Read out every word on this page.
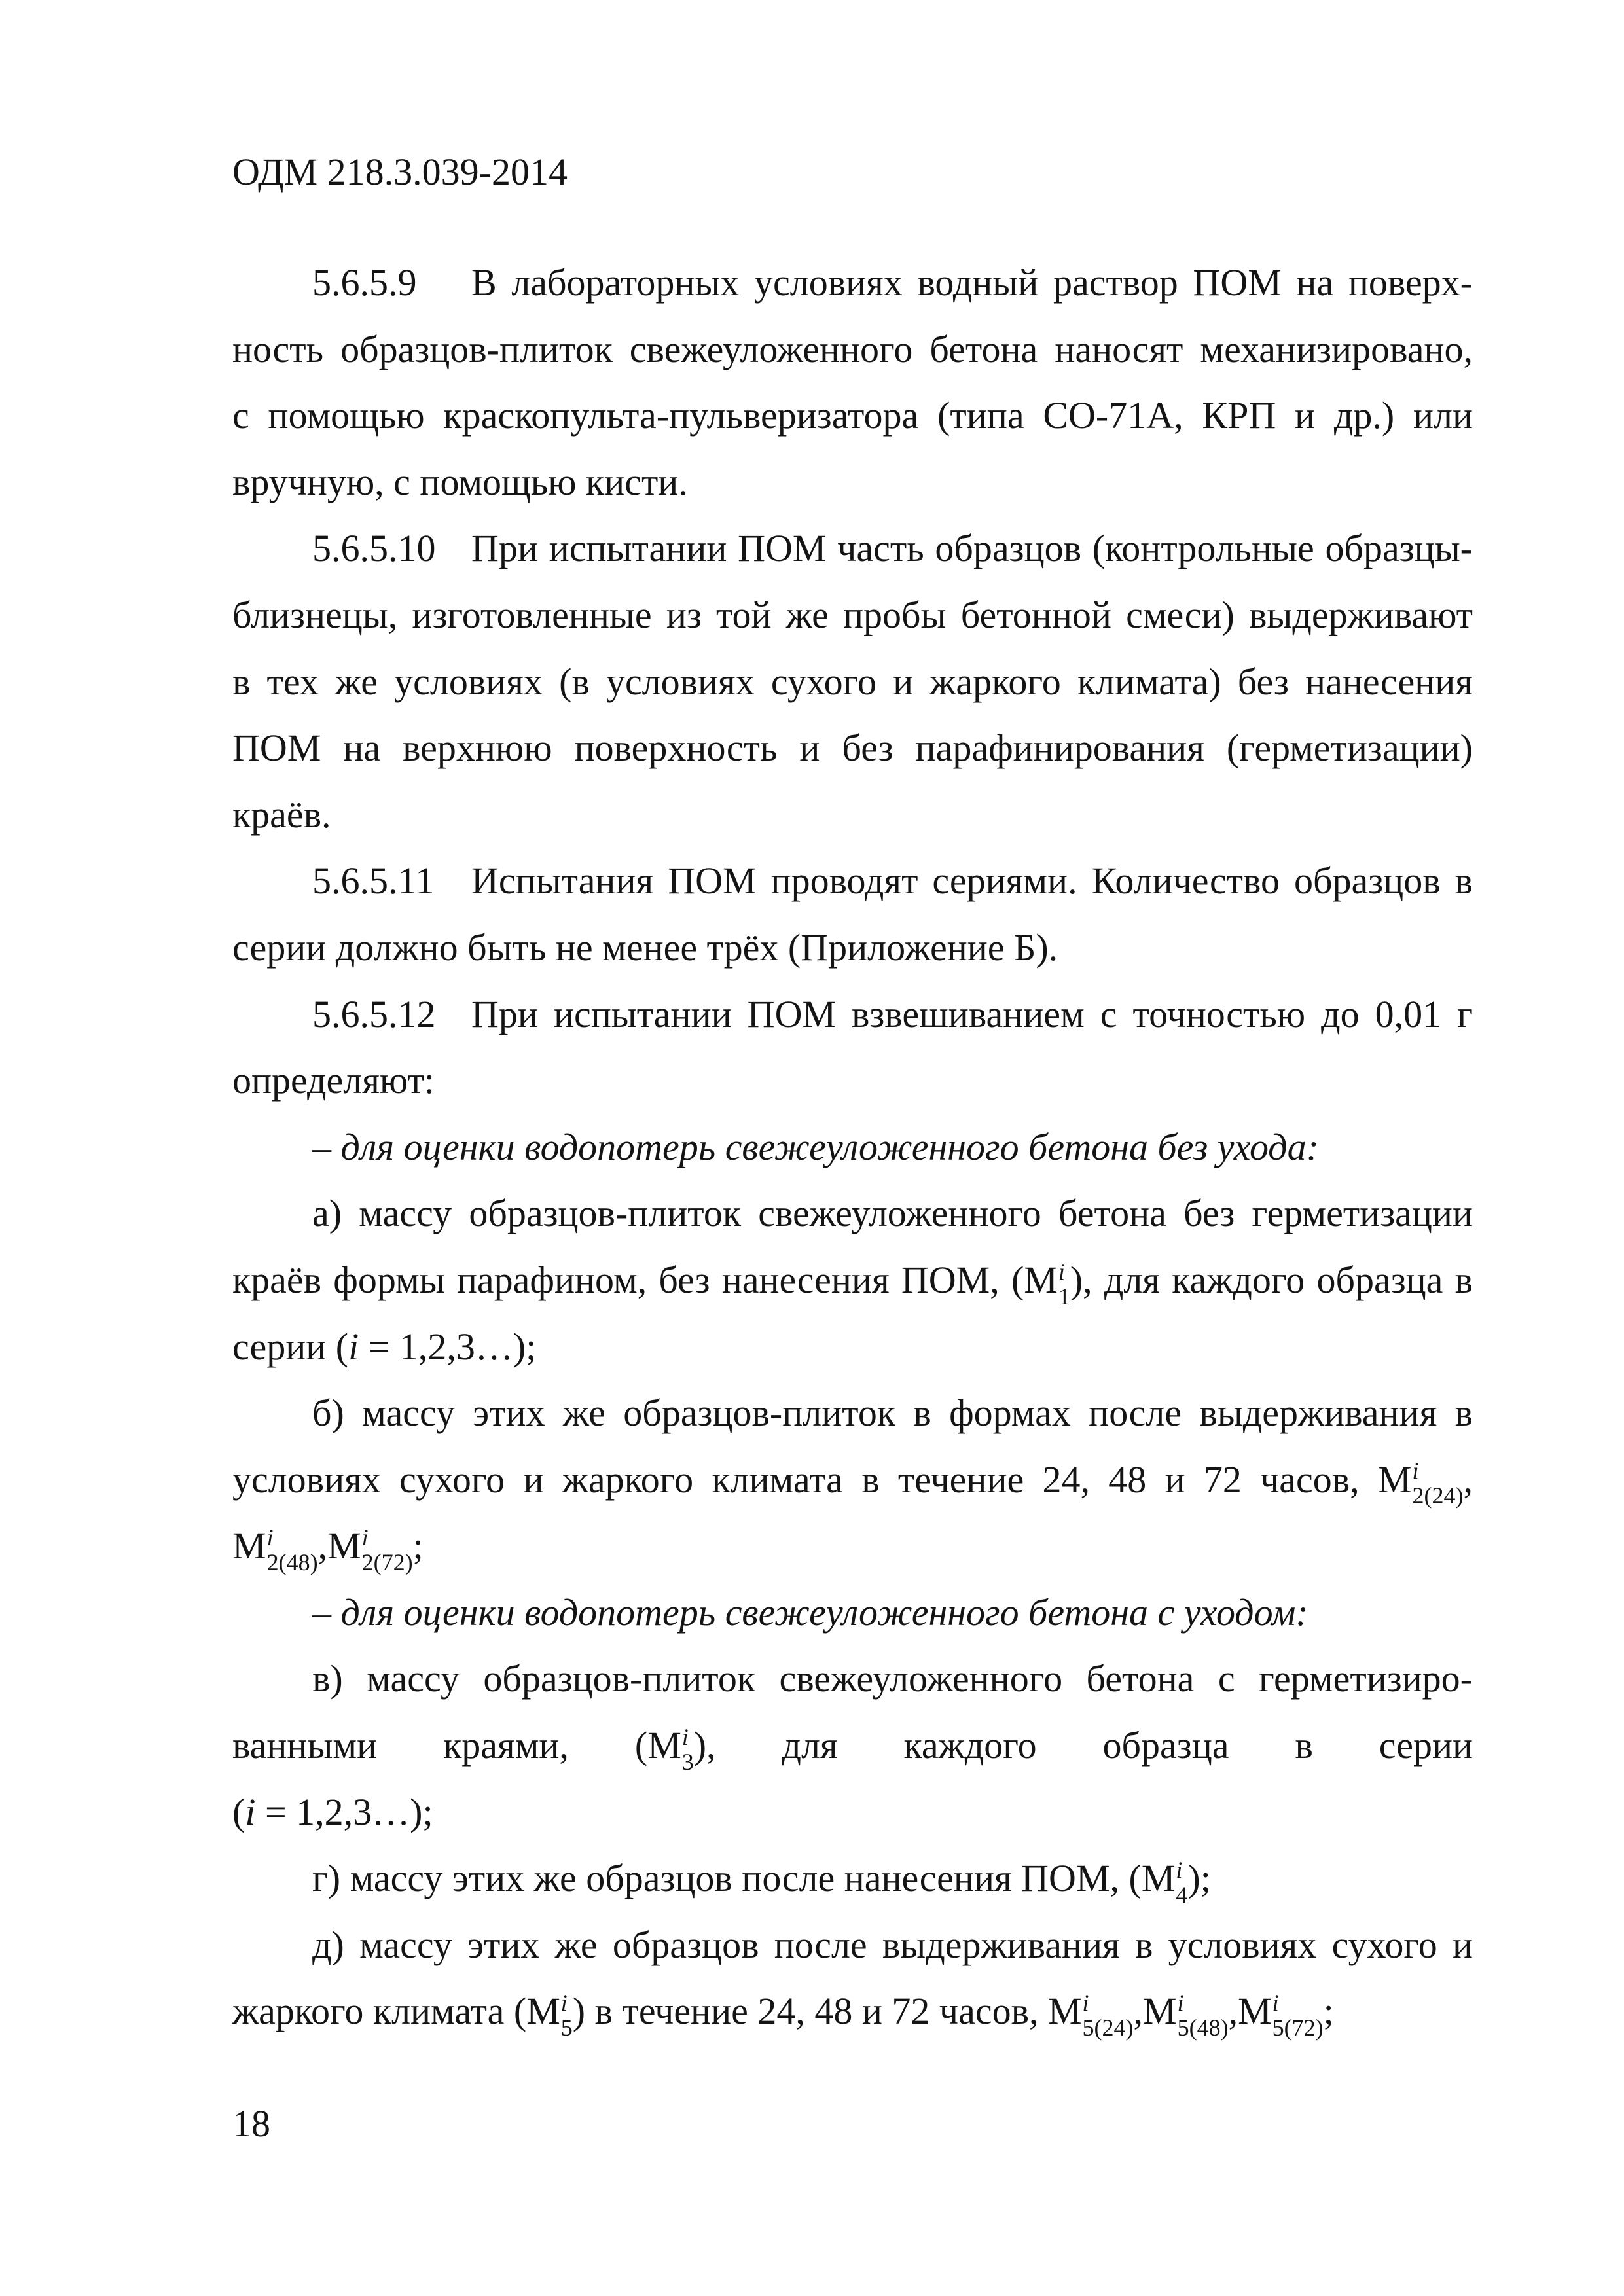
ОДМ 218.3.039-2014
5.6.5.9 В лабораторных условиях водный раствор ПОМ на поверх-
ность образцов-плиток свежеуложенного бетона наносят механизировано,
с помощью краскопульта-пульверизатора (типа СО-71А, КРП и др.) или
вручную, с помощью кисти.
5.6.5.10 При испытании ПОМ часть образцов (контрольные образцы-
близнецы, изготовленные из той же пробы бетонной смеси) выдерживают
в тех же условиях (в условиях сухого и жаркого климата) без нанесения
ПОМ на верхнюю поверхность и без парафинирования (герметизации)
краёв.
5.6.5.11 Испытания ПОМ проводят сериями. Количество образцов в
серии должно быть не менее трёх (Приложение Б).
5.6.5.12 При испытании ПОМ взвешиванием с точностью до 0,01 г
определяют:
– для оценки водопотерь свежеуложенного бетона без ухода:
а) массу образцов-плиток свежеуложенного бетона без герметизации
краёв формы парафином, без нанесения ПОМ, (M i
1 ), для каждого образца в
серии (i = 1,2,3…);
б) массу этих же образцов-плиток в формах после выдерживания в
условиях сухого и жаркого климата в течение 24, 48 и 72 часов, M i
2(24) ,
M i
2(48) ,M i
2(72) ;
– для оценки водопотерь свежеуложенного бетона с уходом:
в) массу образцов-плиток свежеуложенного бетона с герметизиро-
ванными краями, (M i
3 ), для каждого образца в серии
(i = 1,2,3…);
г) массу этих же образцов после нанесения ПОМ, (M i
4 );
д) массу этих же образцов после выдерживания в условиях сухого и
жаркого климата (M i
5 ) в течение 24, 48 и 72 часов, M i
5(24) ,M i
5(48) ,M i
5(72) ;
18
